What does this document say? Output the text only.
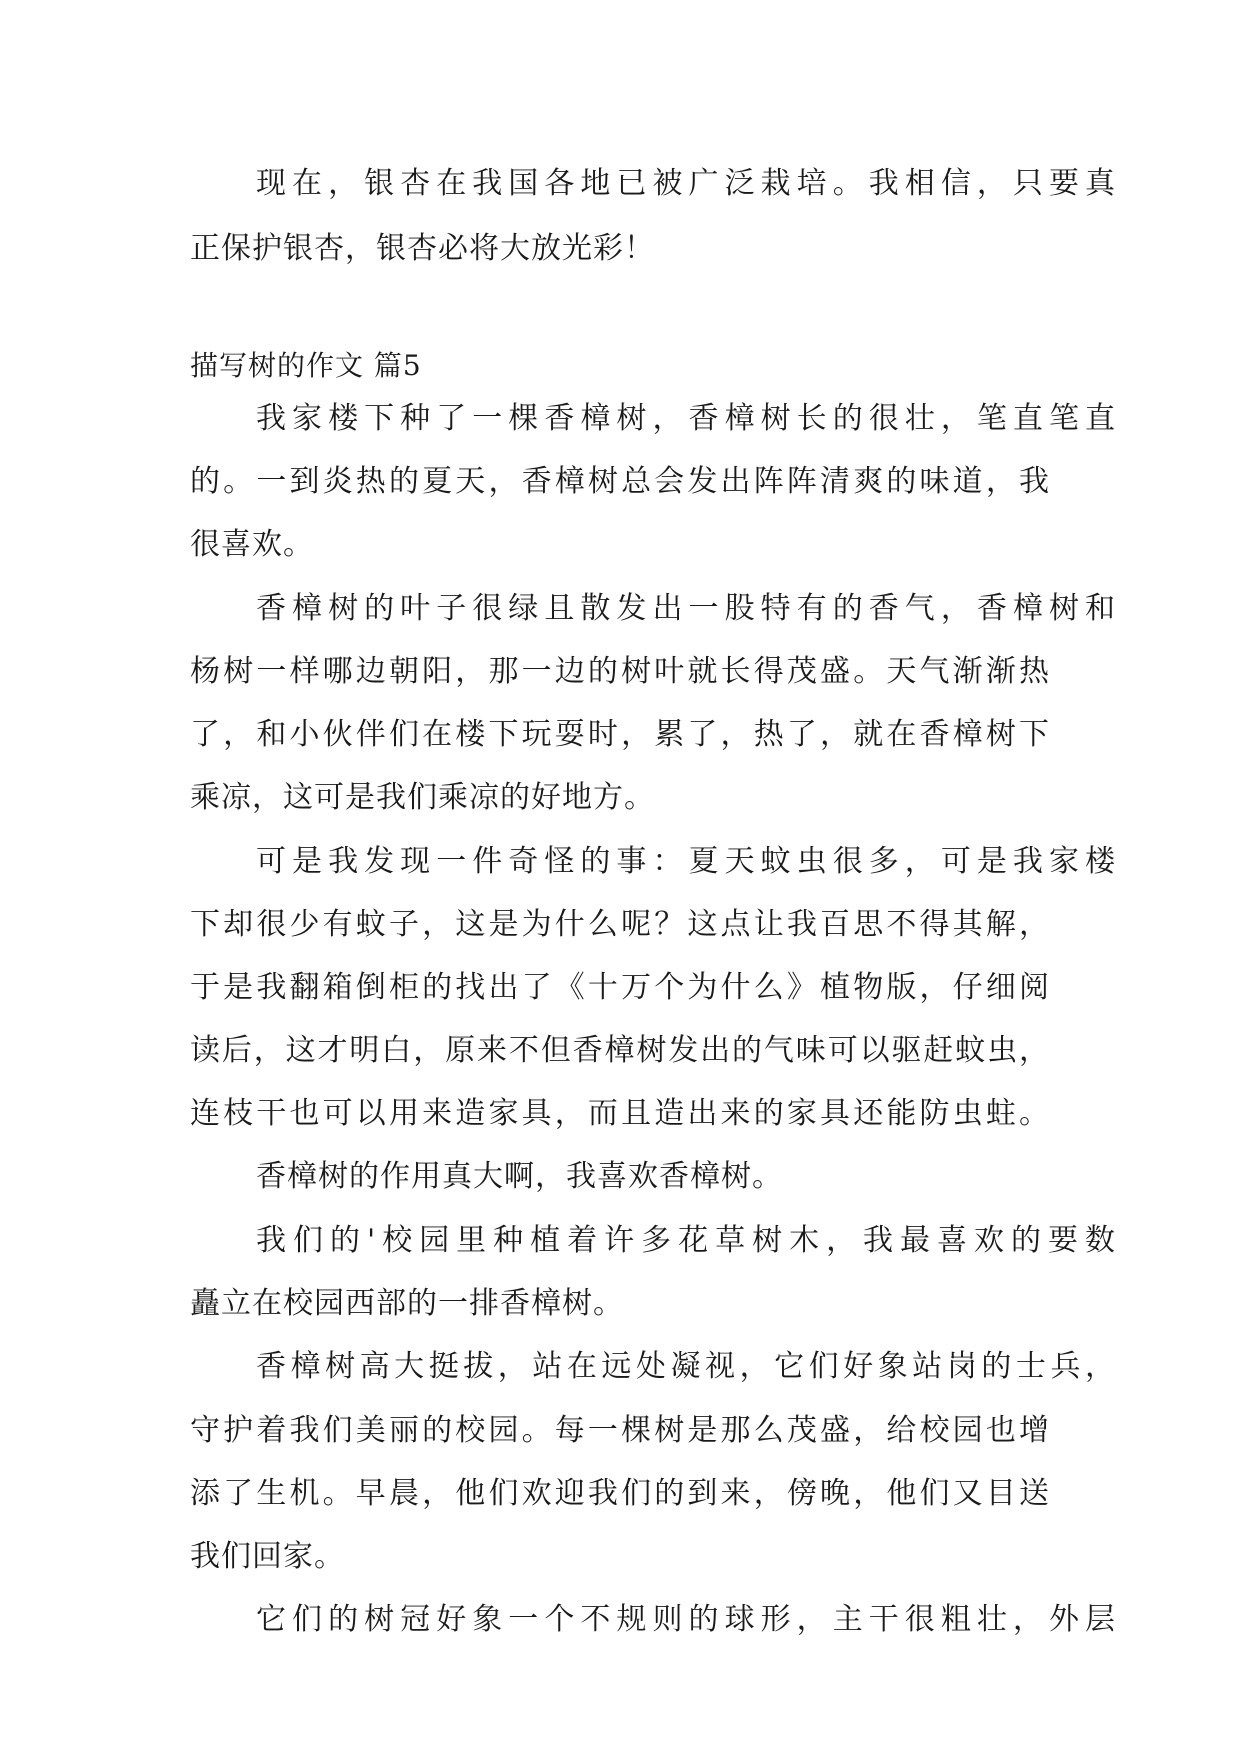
现在，银杏在我国各地已被广泛栽培。我相信，只要真
正保护银杏，银杏必将大放光彩！
描写树的作文 篇5
我家楼下种了一棵香樟树，香樟树长的很壮，笔直笔直
的。一到炎热的夏天，香樟树总会发出阵阵清爽的味道，我
很喜欢。
香樟树的叶子很绿且散发出一股特有的香气，香樟树和
杨树一样哪边朝阳，那一边的树叶就长得茂盛。天气渐渐热
了，和小伙伴们在楼下玩耍时，累了，热了，就在香樟树下
乘凉，这可是我们乘凉的好地方。
可是我发现一件奇怪的事：夏天蚊虫很多，可是我家楼
下却很少有蚊子，这是为什么呢？这点让我百思不得其解，
于是我翻箱倒柜的找出了《十万个为什么》植物版，仔细阅
读后，这才明白，原来不但香樟树发出的气味可以驱赶蚊虫，
连枝干也可以用来造家具，而且造出来的家具还能防虫蛀。
香樟树的作用真大啊，我喜欢香樟树。
我们的'校园里种植着许多花草树木，我最喜欢的要数
矗立在校园西部的一排香樟树。
香樟树高大挺拔，站在远处凝视，它们好象站岗的士兵，
守护着我们美丽的校园。每一棵树是那么茂盛，给校园也增
添了生机。早晨，他们欢迎我们的到来，傍晚，他们又目送
我们回家。
它们的树冠好象一个不规则的球形，主干很粗壮，外层
